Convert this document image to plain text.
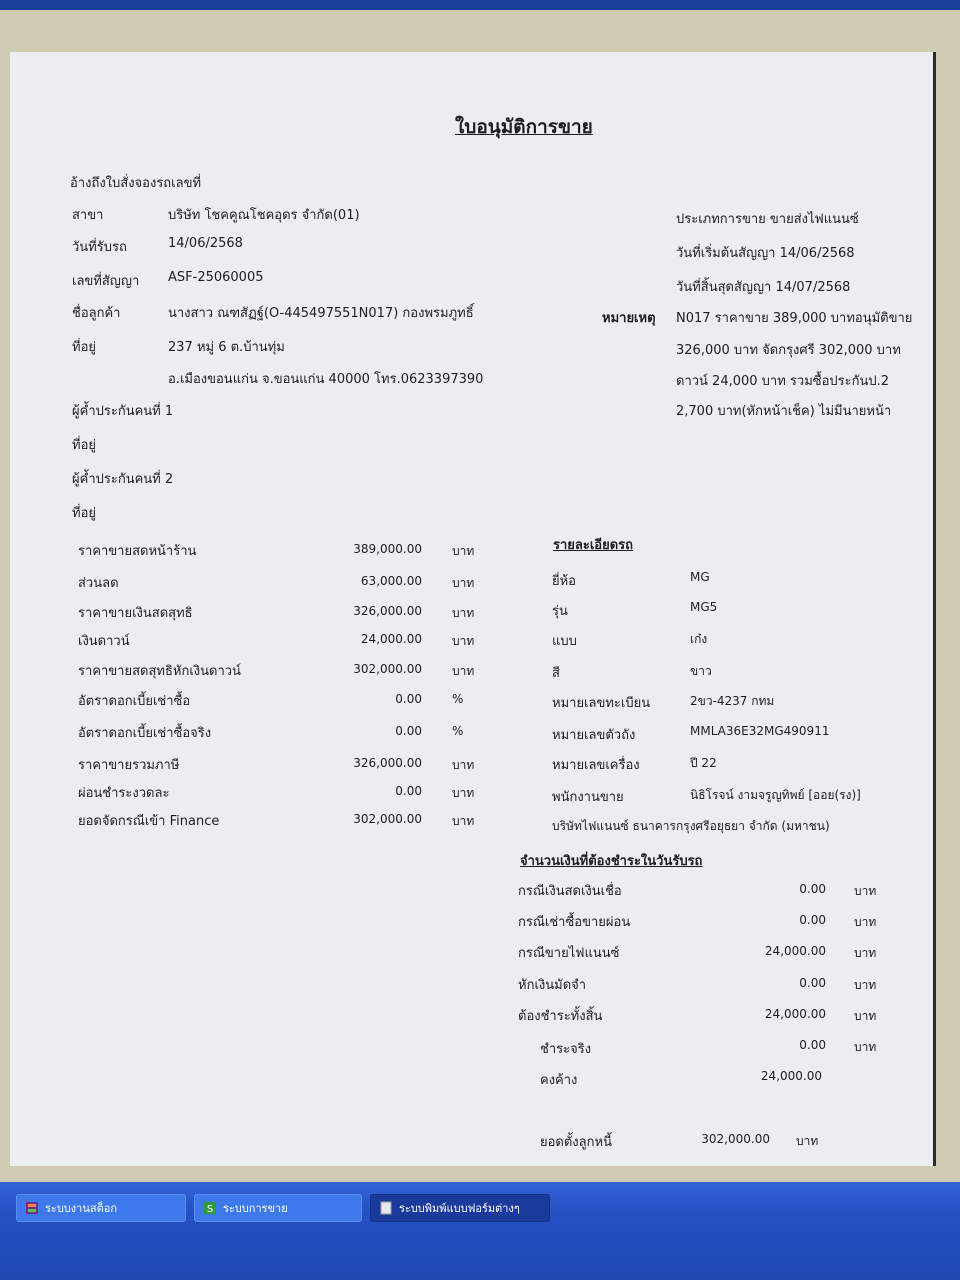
ใบอนุมัติการขาย
อ้างถึงใบสั่งจองรถเลขที่
สาขา	บริษัท โชคคูณโชคอุดร จำกัด(01)
วันที่รับรถ	14/06/2568
เลขที่สัญญา ASF-25060005
ชื่อลูกค้า	นางสาว ณฑสัฏฐ์(O-445497551N017) กองพรมภูทธิ์
ที่อยู่	237 หมู่ 6 ต.บ้านทุ่ม
อ.เมืองขอนแก่น จ.ขอนแก่น 40000 โทร.0623397390
ผู้ค้ำประกันคนที่ 1
ที่อยู่
ผู้ค้ำประกันคนที่ 2
ที่อยู่
ประเภทการขาย ขายส่งไฟแนนซ์
วันที่เริ่มต้นสัญญา 14/06/2568
วันที่สิ้นสุดสัญญา 14/07/2568
หมายเหตุ N017 ราคาขาย 389,000 บาทอนุมัติขาย
326,000 บาท จัดกรุงศรี 302,000 บาท
ดาวน์ 24,000 บาท รวมซื้อประกันป.2
2,700 บาท(หักหน้าเช็ค) ไม่มีนายหน้า
ราคาขายสดหน้าร้าน	389,000.00	บาท
ส่วนลด	63,000.00	บาท
ราคาขายเงินสดสุทธิ	326,000.00	บาท
เงินดาวน์	24,000.00	บาท
ราคาขายสดสุทธิหักเงินดาวน์	302,000.00	บาท
อัตราดอกเบี้ยเช่าซื้อ	0.00	%
อัตราดอกเบี้ยเช่าซื้อจริง	0.00	%
ราคาขายรวมภาษี	326,000.00	บาท
ผ่อนชำระงวดละ	0.00	บาท
ยอดจัดกรณีเข้า Finance	302,000.00	บาท
รายละเอียดรถ
ยี่ห้อ	MG
รุ่น	MG5
แบบ	เก๋ง
สี	ขาว
หมายเลขทะเบียน	2ขว-4237 กทม
หมายเลขตัวถัง	MMLA36E32MG490911
หมายเลขเครื่อง	ปี 22
พนักงานขาย	นิธิโรจน์ งามจรูญทิพย์ [ออย(รง)]
บริษัทไฟแนนซ์ ธนาคารกรุงศรีอยุธยา จำกัด (มหาชน)
จำนวนเงินที่ต้องชำระในวันรับรถ
กรณีเงินสดเงินเชื่อ	0.00 บาท
กรณีเช่าซื้อขายผ่อน	0.00 บาท
กรณีขายไฟแนนซ์	24,000.00 บาท
หักเงินมัดจำ	0.00 บาท
ต้องชำระทั้งสิ้น	24,000.00 บาท
ชำระจริง	0.00 บาท
คงค้าง	24,000.00
ยอดตั้งลูกหนี้	302,000.00 บาท
ระบบงานสต็อก	S ระบบการขาย	ระบบพิมพ์แบบฟอร์มต่างๆ
